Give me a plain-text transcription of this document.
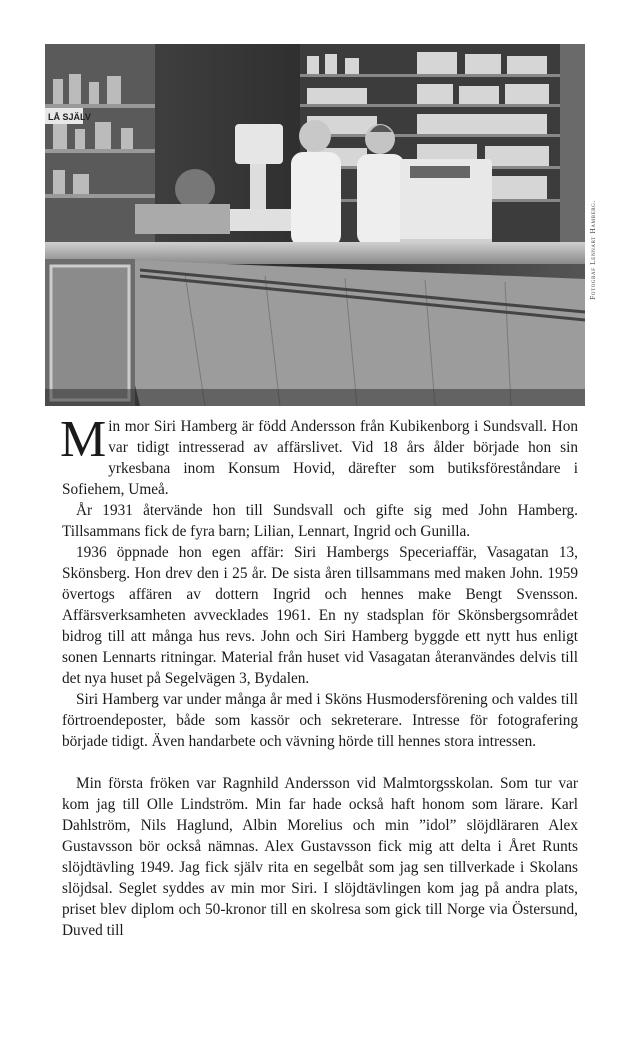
LÅ SJÄLV
Fotograf Lennart Hamberg.

Min mor Siri Hamberg är född Andersson från Kubikenborg i Sundsvall. Hon var tidigt intresserad av affärslivet. Vid 18 års ålder började hon sin yrkesbana inom Konsum Hovid, därefter som butiksföreståndare i Sofiehem, Umeå.

År 1931 återvände hon till Sundsvall och gifte sig med John Hamberg. Tillsammans fick de fyra barn; Lilian, Lennart, Ingrid och Gunilla.

1936 öppnade hon egen affär: Siri Hambergs Speceriaffär, Vasagatan 13, Skönsberg. Hon drev den i 25 år. De sista åren tillsammans med maken John. 1959 övertogs affären av dottern Ingrid och hennes make Bengt Svensson. Affärsverksamheten avvecklades 1961. En ny stadsplan för Skönsbergsområdet bidrog till att många hus revs. John och Siri Hamberg byggde ett nytt hus enligt sonen Lennarts ritningar. Material från huset vid Vasagatan återanvändes delvis till det nya huset på Segelvägen 3, Bydalen.

Siri Hamberg var under många år med i Sköns Husmodersförening och valdes till förtroendeposter, både som kassör och sekreterare. Intresse för fotografering började tidigt. Även handarbete och vävning hörde till hennes stora intressen.

Min första fröken var Ragnhild Andersson vid Malmtorgsskolan. Som tur var kom jag till Olle Lindström. Min far hade också haft honom som lärare. Karl Dahlström, Nils Haglund, Albin Morelius och min ”idol” slöjdläraren Alex Gustavsson bör också nämnas. Alex Gustavsson fick mig att delta i Året Runts slöjdtävling 1949. Jag fick själv rita en segelbåt som jag sen tillverkade i Skolans slöjdsal. Seglet syddes av min mor Siri. I slöjdtävlingen kom jag på andra plats, priset blev diplom och 50-kronor till en skolresa som gick till Norge via Östersund, Duved till
